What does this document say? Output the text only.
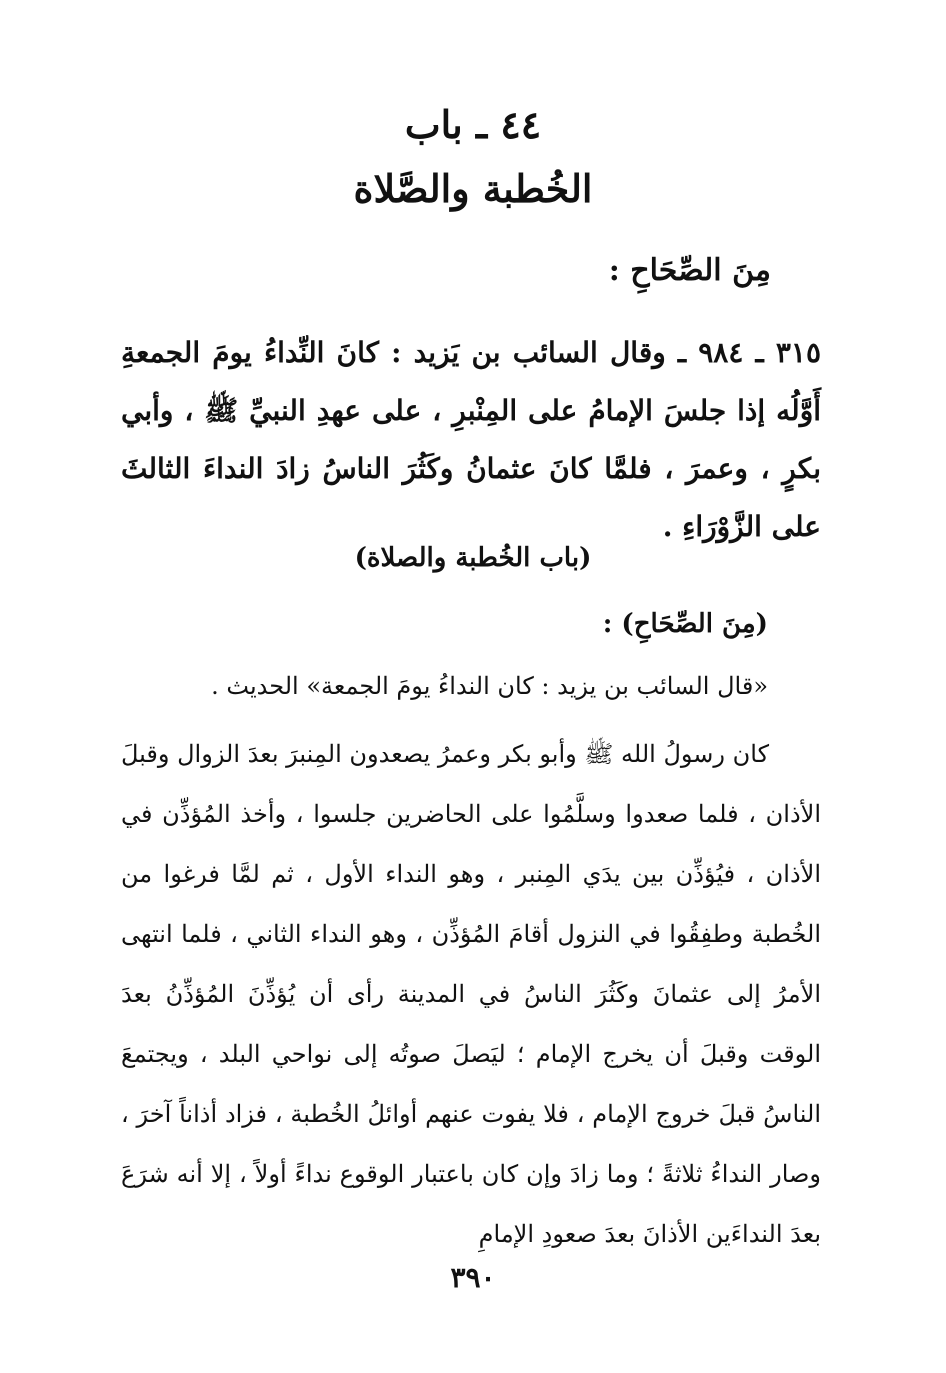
٤٤ ـ باب
الخُطبة والصَّلاة
مِنَ الصِّحَاحِ :
٣١٥ ـ ٩٨٤ ـ وقال السائب بن يَزيد : كانَ النِّداءُ يومَ الجمعةِ أَوَّلُه إذا جلسَ الإمامُ على المِنْبرِ ، على عهدِ النبيِّ ﷺ ، وأبي بكرٍ ، وعمرَ ، فلمَّا كانَ عثمانُ وكَثُرَ الناسُ زادَ النداءَ الثالثَ على الزَّوْرَاءِ .
(باب الخُطبة والصلاة)
(مِنَ الصِّحَاحِ) :
«قال السائب بن يزيد : كان النداءُ يومَ الجمعة» الحديث .
كان رسولُ الله ﷺ وأبو بكر وعمرُ يصعدون المِنبرَ بعدَ الزوال وقبلَ الأذان ، فلما صعدوا وسلَّمُوا على الحاضرين جلسوا ، وأخذ المُؤذِّن في الأذان ، فيُؤذِّن بين يدَي المِنبر ، وهو النداء الأول ، ثم لمَّا فرغوا من الخُطبة وطفِقُوا في النزول أقامَ المُؤذِّن ، وهو النداء الثاني ، فلما انتهى الأمرُ إلى عثمانَ وكَثُرَ الناسُ في المدينة رأى أن يُؤذِّنَ المُؤذِّنُ بعدَ الوقت وقبلَ أن يخرج الإمام ؛ ليَصلَ صوتُه إلى نواحي البلد ، ويجتمعَ الناسُ قبلَ خروج الإمام ، فلا يفوت عنهم أوائلُ الخُطبة ، فزاد أذاناً آخرَ ، وصار النداءُ ثلاثةً ؛ وما زادَ وإن كان باعتبار الوقوع نداءً أولاً ، إلا أنه شرَعَ بعدَ النداءَين الأذانَ بعدَ صعودِ الإمامِ
٣٩٠
